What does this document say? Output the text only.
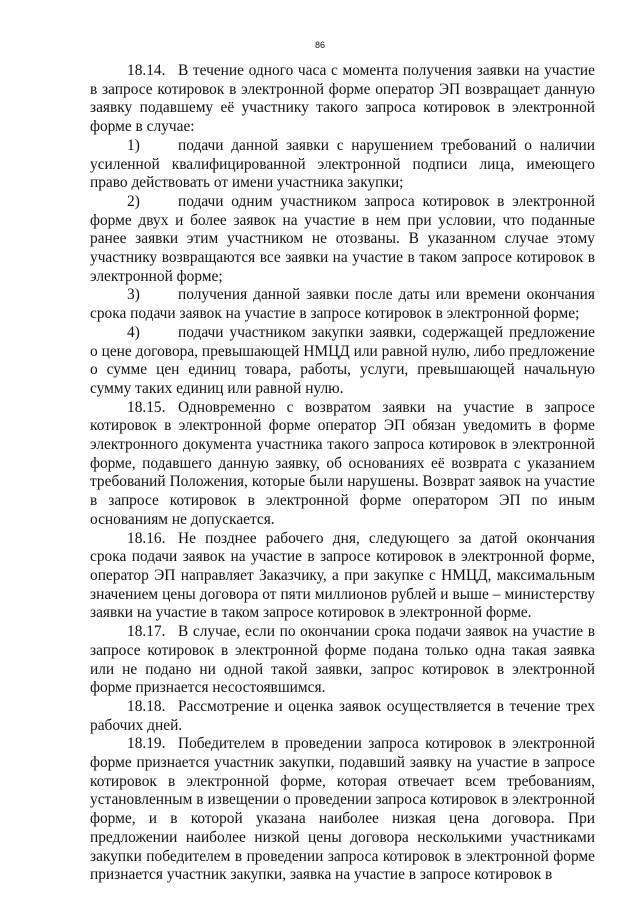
86

18.14. В течение одного часа с момента получения заявки на участие в запросе котировок в электронной форме оператор ЭП возвращает данную заявку подавшему её участнику такого запроса котировок в электронной форме в случае:

1) подачи данной заявки с нарушением требований о наличии усиленной квалифицированной электронной подписи лица, имеющего право действовать от имени участника закупки;

2) подачи одним участником запроса котировок в электронной форме двух и более заявок на участие в нем при условии, что поданные ранее заявки этим участником не отозваны. В указанном случае этому участнику возвращаются все заявки на участие в таком запросе котировок в электронной форме;

3) получения данной заявки после даты или времени окончания срока подачи заявок на участие в запросе котировок в электронной форме;

4) подачи участником закупки заявки, содержащей предложение о цене договора, превышающей НМЦД или равной нулю, либо предложение о сумме цен единиц товара, работы, услуги, превышающей начальную сумму таких единиц или равной нулю.

18.15. Одновременно с возвратом заявки на участие в запросе котировок в электронной форме оператор ЭП обязан уведомить в форме электронного документа участника такого запроса котировок в электронной форме, подавшего данную заявку, об основаниях её возврата с указанием требований Положения, которые были нарушены. Возврат заявок на участие в запросе котировок в электронной форме оператором ЭП по иным основаниям не допускается.

18.16. Не позднее рабочего дня, следующего за датой окончания срока подачи заявок на участие в запросе котировок в электронной форме, оператор ЭП направляет Заказчику, а при закупке с НМЦД, максимальным значением цены договора от пяти миллионов рублей и выше – министерству заявки на участие в таком запросе котировок в электронной форме.

18.17. В случае, если по окончании срока подачи заявок на участие в запросе котировок в электронной форме подана только одна такая заявка или не подано ни одной такой заявки, запрос котировок в электронной форме признается несостоявшимся.

18.18. Рассмотрение и оценка заявок осуществляется в течение трех рабочих дней.

18.19. Победителем в проведении запроса котировок в электронной форме признается участник закупки, подавший заявку на участие в запросе котировок в электронной форме, которая отвечает всем требованиям, установленным в извещении о проведении запроса котировок в электронной форме, и в которой указана наиболее низкая цена договора. При предложении наиболее низкой цены договора несколькими участниками закупки победителем в проведении запроса котировок в электронной форме признается участник закупки, заявка на участие в запросе котировок в
